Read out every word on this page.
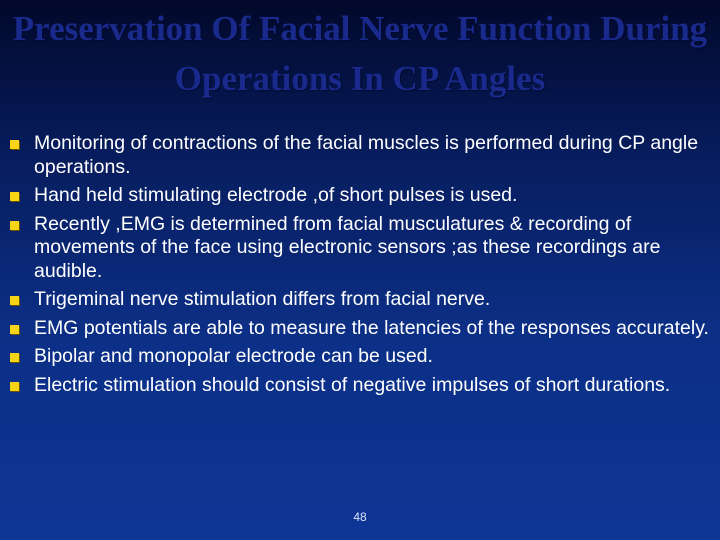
Preservation Of Facial Nerve Function During Operations In CP Angles
Monitoring of contractions of the facial muscles is performed during CP angle operations.
Hand held stimulating electrode ,of short pulses is used.
Recently ,EMG is determined from facial musculatures & recording of movements of the face using electronic sensors ;as these recordings are audible.
Trigeminal nerve stimulation differs from facial nerve.
EMG potentials are able to measure the latencies of the responses accurately.
Bipolar and monopolar electrode can be used.
Electric stimulation should consist of negative impulses of short durations.
48
